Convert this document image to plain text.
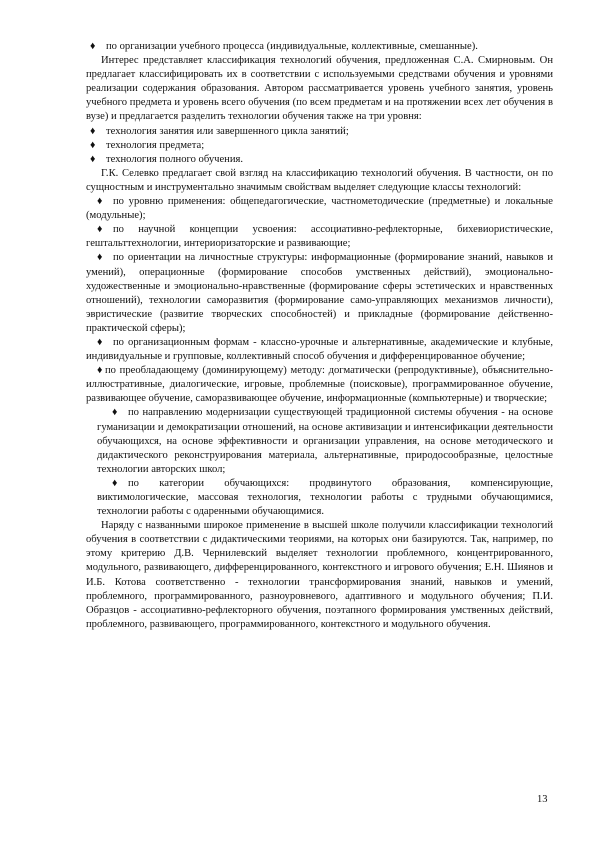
♦ по организации учебного процесса (индивидуальные, коллективные, смешанные).

Интерес представляет классификация технологий обучения, предложенная С.А. Смирновым. Он предлагает классифицировать их в соответствии с используемыми средствами обучения и уровнями реализации содержания образования. Автором рассматривается уровень учебного занятия, уровень учебного предмета и уровень всего обучения (по всем предметам и на протяжении всех лет обучения в вузе) и предлагается разделить технологии обучения также на три уровня:

♦ технология занятия или завершенного цикла занятий;

♦ технология предмета;

♦ технология полного обучения.

Г.К. Селевко предлагает свой взгляд на классификацию технологий обучения. В частности, он по сущностным и инструментально значимым свойствам выделяет следующие классы технологий:

♦ по уровню применения: общепедагогические, частнометодические (предметные) и локальные (модульные);

♦ по научной концепции усвоения: ассоциативно-рефлекторные, бихевиористические, гештальттехнологии, интериоризаторские и развивающие;

♦ по ориентации на личностные структуры: информационные (формирование знаний, навыков и умений), операционные (формирование способов умственных действий), эмоционально-художественные и эмоционально-нравственные (формирование сферы эстетических и нравственных отношений), технологии саморазвития (формирование само-управляющих механизмов личности), эвристические (развитие творческих способностей) и прикладные (формирование действенно-практической сферы);

♦ по организационным формам - классно-урочные и альтернативные, академические и клубные, индивидуальные и групповые, коллективный способ обучения и дифференцированное обучение;

♦ по преобладающему (доминирующему) методу: догматически (репродуктивные), объяснительно-иллюстративные, диалогические, игровые, проблемные (поисковые), программированное обучение, развивающее обучение, саморазвивающее обучение, информационные (компьютерные) и творческие;

♦ по направлению модернизации существующей традиционной системы обучения - на основе гуманизации и демократизации отношений, на основе активизации и интенсификации деятельности обучающихся, на основе эффективности и организации управления, на основе методического и дидактического реконструирования материала, альтернативные, природосообразные, целостные технологии авторских школ;

♦ по категории обучающихся: продвинутого образования, компенсирующие, виктимологические, массовая технология, технологии работы с трудными обучающимися, технологии работы с одаренными обучающимися.

Наряду с названными широкое применение в высшей школе получили классификации технологий обучения в соответствии с дидактическими теориями, на которых они базируются. Так, например, по этому критерию Д.В. Чернилевский выделяет технологии проблемного, концентрированного, модульного, развивающего, дифференцированного, контекстного и игрового обучения; Е.Н. Шиянов и И.Б. Котова соответственно - технологии трансформирования знаний, навыков и умений, проблемного, программированного, разноуровневого, адаптивного и модульного обучения; П.И. Образцов - ассоциативно-рефлекторного обучения, поэтапного формирования умственных действий, проблемного, развивающего, программированного, контекстного и модульного обучения.

13
